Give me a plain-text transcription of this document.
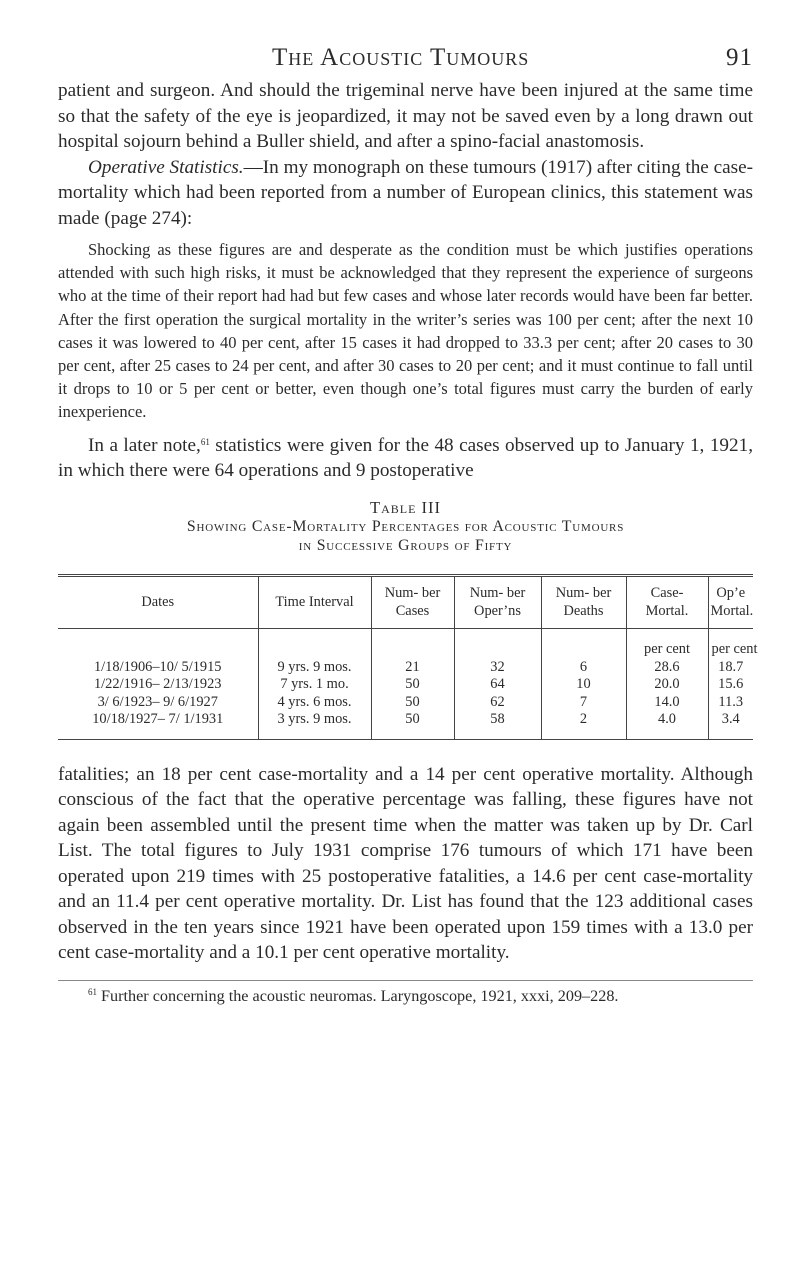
The Acoustic Tumours	91

patient and surgeon. And should the trigeminal nerve have been injured at the same time so that the safety of the eye is jeopardized, it may not be saved even by a long drawn out hospital sojourn behind a Buller shield, and after a spino-facial anastomosis.

Operative Statistics.—In my monograph on these tumours (1917) after citing the case-mortality which had been reported from a number of European clinics, this statement was made (page 274):

Shocking as these figures are and desperate as the condition must be which justifies operations attended with such high risks, it must be acknowledged that they represent the experience of surgeons who at the time of their report had had but few cases and whose later records would have been far better. After the first operation the surgical mortality in the writer’s series was 100 per cent; after the next 10 cases it was lowered to 40 per cent, after 15 cases it had dropped to 33.3 per cent; after 20 cases to 30 per cent, after 25 cases to 24 per cent, and after 30 cases to 20 per cent; and it must continue to fall until it drops to 10 or 5 per cent or better, even though one’s total figures must carry the burden of early inexperience.

In a later note,$^{61}$ statistics were given for the 48 cases observed up to January 1, 1921, in which there were 64 operations and 9 postoperative

Table III
Showing Case-Mortality Percentages for Acoustic Tumours
in Successive Groups of Fifty
Dates	Time Interval	Num- ber Cases	Num- ber Oper’ns	Num- ber Deaths	Case- Mortal.	Op’e Mortal.
					per cent	per cent
1/18/1906–10/ 5/1915	9 yrs. 9 mos.	21	32	6	28.6	18.7
1/22/1916– 2/13/1923	7 yrs. 1 mo.	50	64	10	20.0	15.6
3/ 6/1923– 9/ 6/1927	4 yrs. 6 mos.	50	62	7	14.0	11.3
10/18/1927– 7/ 1/1931	3 yrs. 9 mos.	50	58	2	4.0	3.4

fatalities; an 18 per cent case-mortality and a 14 per cent operative mortality. Although conscious of the fact that the operative percentage was falling, these figures have not again been assembled until the present time when the matter was taken up by Dr. Carl List. The total figures to July 1931 comprise 176 tumours of which 171 have been operated upon 219 times with 25 postoperative fatalities, a 14.6 per cent case-mortality and an 11.4 per cent operative mortality. Dr. List has found that the 123 additional cases observed in the ten years since 1921 have been operated upon 159 times with a 13.0 per cent case-mortality and a 10.1 per cent operative mortality.

$^{61}$ Further concerning the acoustic neuromas. Laryngoscope, 1921, xxxi, 209–228.
